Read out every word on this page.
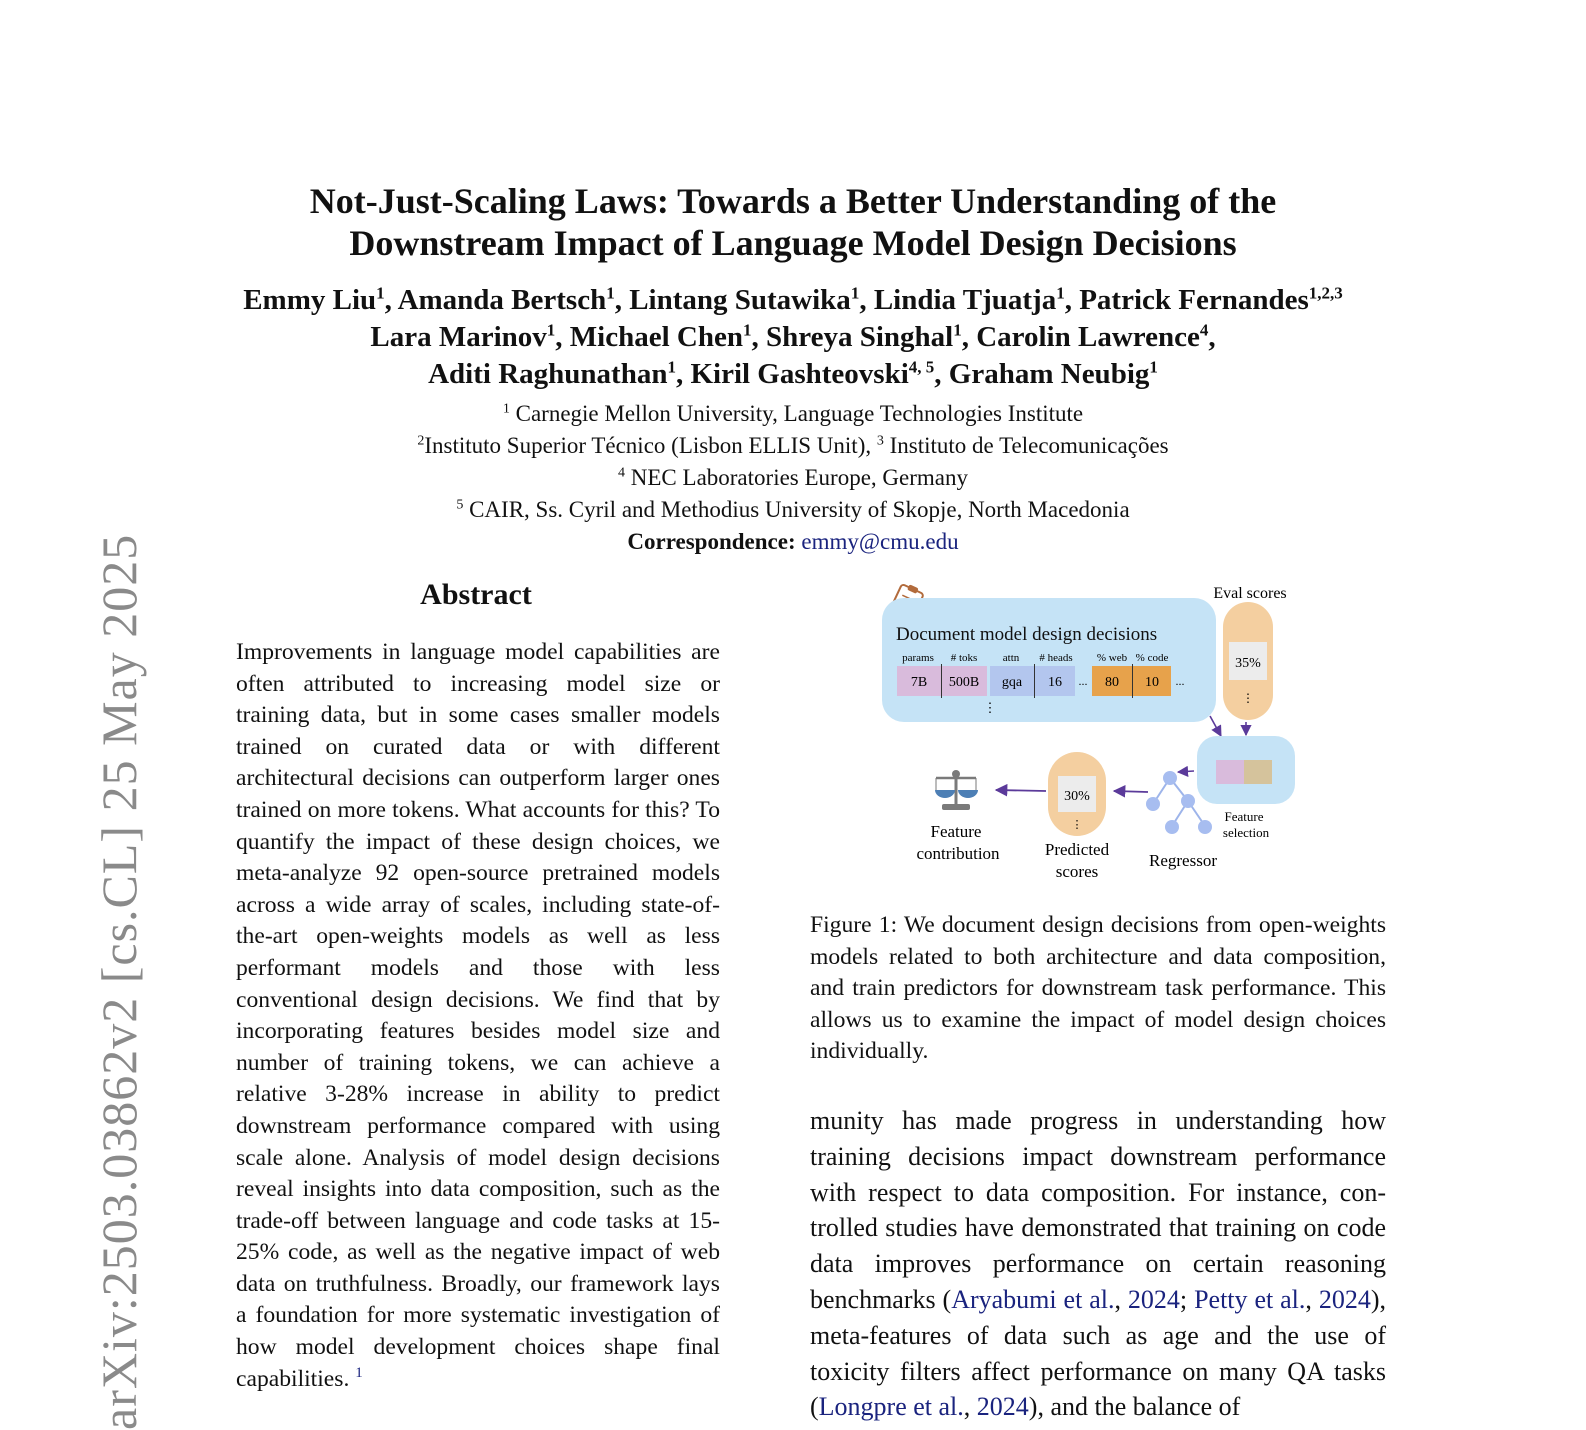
arXiv:2503.03862v2 [cs.CL] 25 May 2025
Not-Just-Scaling Laws: Towards a Better Understanding of the
Downstream Impact of Language Model Design Decisions
Emmy Liu$^1$, Amanda Bertsch$^1$, Lintang Sutawika$^1$, Lindia Tjuatja$^1$, Patrick Fernandes$^{1,2,3}$
Lara Marinov$^1$, Michael Chen$^1$, Shreya Singhal$^1$, Carolin Lawrence$^4$,
Aditi Raghunathan$^1$, Kiril Gashteovski$^{4, 5}$, Graham Neubig$^1$
$^1$ Carnegie Mellon University, Language Technologies Institute
$^2$Instituto Superior Técnico (Lisbon ELLIS Unit), $^3$ Instituto de Telecomunicações
$^4$ NEC Laboratories Europe, Germany
$^5$ CAIR, Ss. Cyril and Methodius University of Skopje, North Macedonia
Correspondence: emmy@cmu.edu
Abstract
Improvements in language model capabilities are often attributed to increasing model size or training data, but in some cases smaller models trained on curated data or with different architectural decisions can outperform larger ones trained on more tokens. What accounts for this? To quantify the impact of these design choices, we meta-analyze 92 open-source pretrained models across a wide array of scales, including state-of-the-art open-weights models as well as less performant models and those with less conventional design decisions. We find that by incorporating features besides model size and number of training tokens, we can achieve a relative 3-28% increase in ability to predict downstream performance compared with using scale alone. Analysis of model design decisions reveal insights into data composition, such as the trade-off between language and code tasks at 15-25% code, as well as the negative impact of web data on truthfulness. Broadly, our framework lays a foundation for more systematic investigation of how model development choices shape final capabilities. $^1$
Document model design decisions
params # toks attn # heads % web % code
7B 500B gqa 16	80 10
...	...
⋮
Eval scores
35%
⋮
Feature
selection
Regressor
30%
⋮
Predicted
scores
Feature
contribution
Figure 1: We document design decisions from open-weights models related to both architecture and data composition, and train predictors for downstream task performance. This allows us to examine the impact of model design choices individually.
munity has made progress in understanding how training decisions impact downstream performance with respect to data composition. For instance, controlled studies have demonstrated that training on code data improves performance on certain reasoning benchmarks (Aryabumi et al., 2024; Petty et al., 2024), meta-features of data such as age and the use of toxicity filters affect performance on many QA tasks (Longpre et al., 2024), and the balance of
